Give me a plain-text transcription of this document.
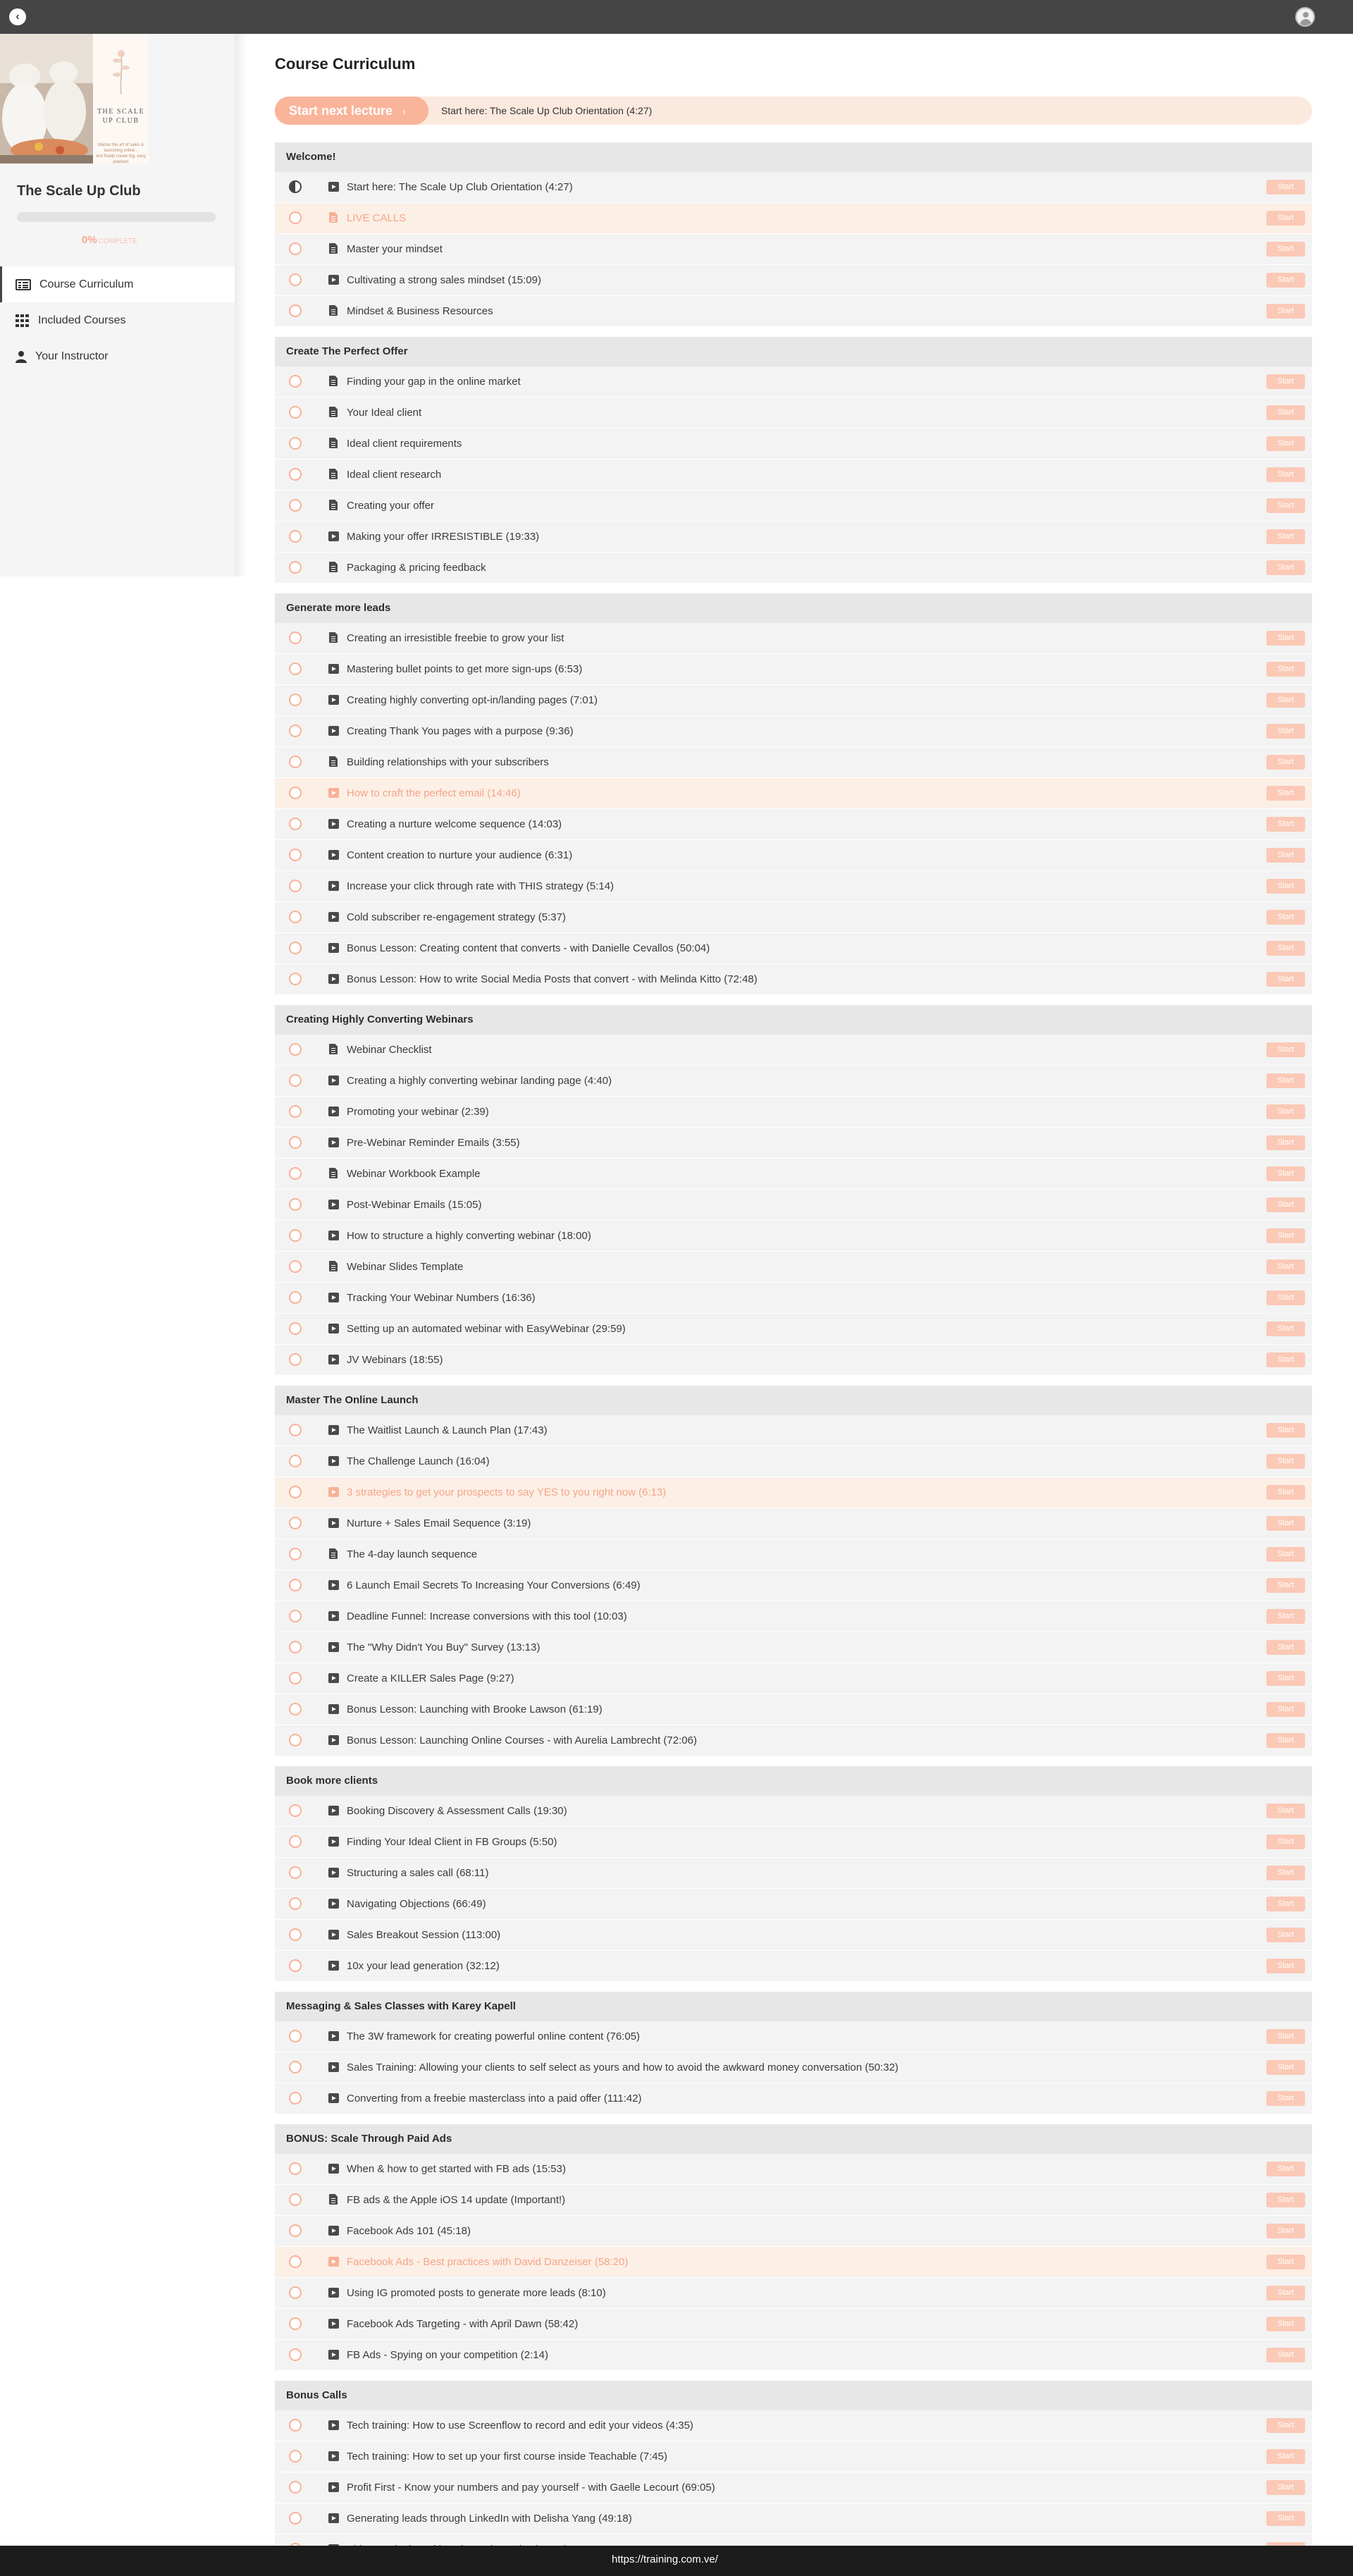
‹
THE SCALE
UP CLUB
Master the art of sales & launching online -
and finally create big, easy paydays
The Scale Up Club
0% COMPLETE
Course Curriculum
Included Courses
Your Instructor
Course Curriculum
Start next lecture ›	Start here: The Scale Up Club Orientation (4:27)
Welcome!
Start here: The Scale Up Club Orientation (4:27)	Start
LIVE CALLS	Start
Master your mindset	Start
Cultivating a strong sales mindset (15:09)	Start
Mindset & Business Resources	Start
Create The Perfect Offer
Finding your gap in the online market	Start
Your Ideal client	Start
Ideal client requirements	Start
Ideal client research	Start
Creating your offer	Start
Making your offer IRRESISTIBLE (19:33)	Start
Packaging & pricing feedback	Start
Generate more leads
Creating an irresistible freebie to grow your list	Start
Mastering bullet points to get more sign-ups (6:53)	Start
Creating highly converting opt-in/landing pages (7:01)	Start
Creating Thank You pages with a purpose (9:36)	Start
Building relationships with your subscribers	Start
How to craft the perfect email (14:46)	Start
Creating a nurture welcome sequence (14:03)	Start
Content creation to nurture your audience (6:31)	Start
Increase your click through rate with THIS strategy (5:14)	Start
Cold subscriber re-engagement strategy (5:37)	Start
Bonus Lesson: Creating content that converts - with Danielle Cevallos (50:04)	Start
Bonus Lesson: How to write Social Media Posts that convert - with Melinda Kitto (72:48)	Start
Creating Highly Converting Webinars
Webinar Checklist	Start
Creating a highly converting webinar landing page (4:40)	Start
Promoting your webinar (2:39)	Start
Pre-Webinar Reminder Emails (3:55)	Start
Webinar Workbook Example	Start
Post-Webinar Emails (15:05)	Start
How to structure a highly converting webinar (18:00)	Start
Webinar Slides Template	Start
Tracking Your Webinar Numbers (16:36)	Start
Setting up an automated webinar with EasyWebinar (29:59)	Start
JV Webinars (18:55)	Start
Master The Online Launch
The Waitlist Launch & Launch Plan (17:43)	Start
The Challenge Launch (16:04)	Start
3 strategies to get your prospects to say YES to you right now (6:13)	Start
Nurture + Sales Email Sequence (3:19)	Start
The 4-day launch sequence	Start
6 Launch Email Secrets To Increasing Your Conversions (6:49)	Start
Deadline Funnel: Increase conversions with this tool (10:03)	Start
The "Why Didn't You Buy" Survey (13:13)	Start
Create a KILLER Sales Page (9:27)	Start
Bonus Lesson: Launching with Brooke Lawson (61:19)	Start
Bonus Lesson: Launching Online Courses - with Aurelia Lambrecht (72:06)	Start
Book more clients
Booking Discovery & Assessment Calls (19:30)	Start
Finding Your Ideal Client in FB Groups (5:50)	Start
Structuring a sales call (68:11)	Start
Navigating Objections (66:49)	Start
Sales Breakout Session (113:00)	Start
10x your lead generation (32:12)	Start
Messaging & Sales Classes with Karey Kapell
The 3W framework for creating powerful online content (76:05)	Start
Sales Training: Allowing your clients to self select as yours and how to avoid the awkward money conversation (50:32)	Start
Converting from a freebie masterclass into a paid offer (111:42)	Start
BONUS: Scale Through Paid Ads
When & how to get started with FB ads (15:53)	Start
FB ads & the Apple iOS 14 update (Important!)	Start
Facebook Ads 101 (45:18)	Start
Facebook Ads - Best practices with David Danzeiser (58:20)	Start
Using IG promoted posts to generate more leads (8:10)	Start
Facebook Ads Targeting - with April Dawn (58:42)	Start
FB Ads - Spying on your competition (2:14)	Start
Bonus Calls
Tech training: How to use Screenflow to record and edit your videos (4:35)	Start
Tech training: How to set up your first course inside Teachable (7:45)	Start
Profit First - Know your numbers and pay yourself - with Gaelle Lecourt (69:05)	Start
Generating leads through LinkedIn with Delisha Yang (49:18)	Start
https://training.com.ve/
